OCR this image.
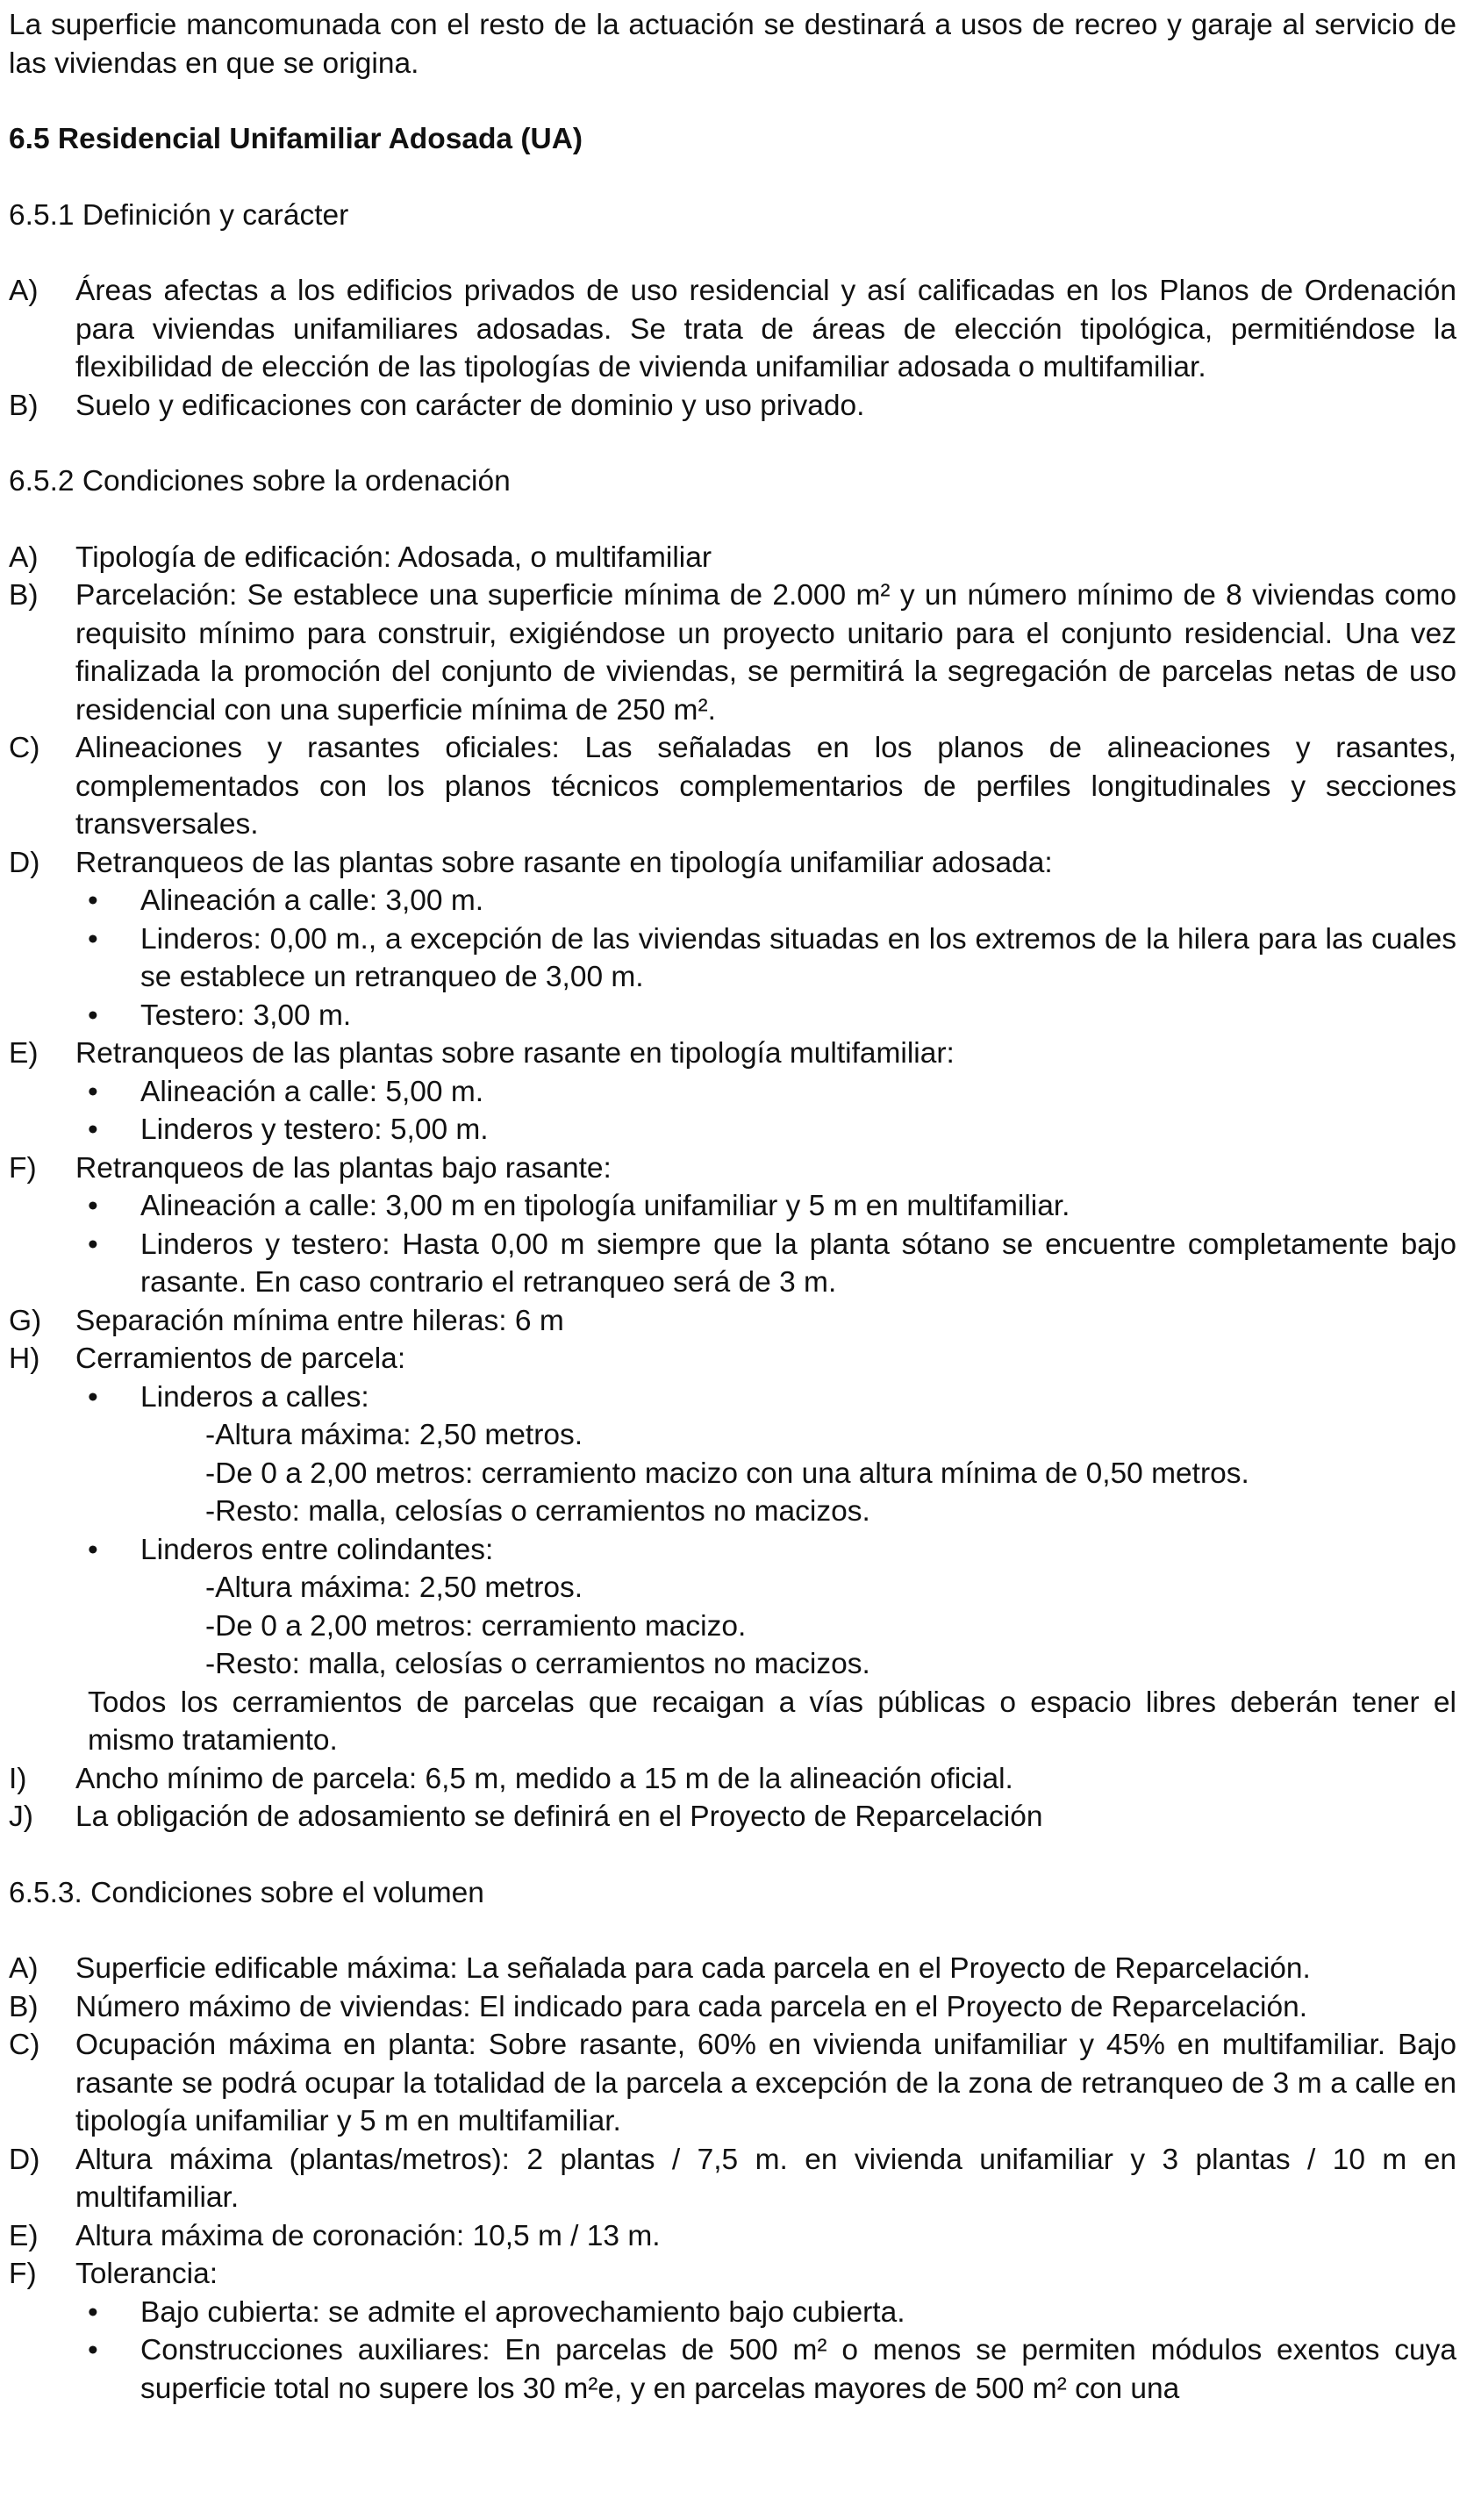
La superficie mancomunada con el resto de la actuación se destinará a usos de recreo y garaje al servicio de las viviendas en que se origina.

6.5 Residencial Unifamiliar Adosada (UA)

6.5.1 Definición y carácter

A)	Áreas afectas a los edificios privados de uso residencial y así calificadas en los Planos de Ordenación para viviendas unifamiliares adosadas. Se trata de áreas de elección tipológica, permitiéndose la flexibilidad de elección de las tipologías de vivienda unifamiliar adosada o multifamiliar.
B)	Suelo y edificaciones con carácter de dominio y uso privado.

6.5.2 Condiciones sobre la ordenación

A)	Tipología de edificación: Adosada, o multifamiliar
B)	Parcelación: Se establece una superficie mínima de 2.000 m² y un número mínimo de 8 viviendas como requisito mínimo para construir, exigiéndose un proyecto unitario para el conjunto residencial. Una vez finalizada la promoción del conjunto de viviendas, se permitirá la segregación de parcelas netas de uso residencial con una superficie mínima de 250 m².
C)	Alineaciones y rasantes oficiales: Las señaladas en los planos de alineaciones y rasantes, complementados con los planos técnicos complementarios de perfiles longitudinales y secciones transversales.
D)	Retranqueos de las plantas sobre rasante en tipología unifamiliar adosada:
•	Alineación a calle: 3,00 m.
•	Linderos: 0,00 m., a excepción de las viviendas situadas en los extremos de la hilera para las cuales se establece un retranqueo de 3,00 m.
•	Testero: 3,00 m.
E)	Retranqueos de las plantas sobre rasante en tipología multifamiliar:
•	Alineación a calle: 5,00 m.
•	Linderos y testero: 5,00 m.
F)	Retranqueos de las plantas bajo rasante:
•	Alineación a calle: 3,00 m en tipología unifamiliar y 5 m en multifamiliar.
•	Linderos y testero: Hasta 0,00 m siempre que la planta sótano se encuentre completamente bajo rasante. En caso contrario el retranqueo será de 3 m.
G)	Separación mínima entre hileras: 6 m
H)	Cerramientos de parcela:
•	Linderos a calles:
-Altura máxima: 2,50 metros.
-De 0 a 2,00 metros: cerramiento macizo con una altura mínima de 0,50 metros.
-Resto: malla, celosías o cerramientos no macizos.
•	Linderos entre colindantes:
-Altura máxima: 2,50 metros.
-De 0 a 2,00 metros: cerramiento macizo.
-Resto: malla, celosías o cerramientos no macizos.
Todos los cerramientos de parcelas que recaigan a vías públicas o espacio libres deberán tener el mismo tratamiento.
I)	Ancho mínimo de parcela: 6,5 m, medido a 15 m de la alineación oficial.
J)	La obligación de adosamiento se definirá en el Proyecto de Reparcelación

6.5.3. Condiciones sobre el volumen

A)	Superficie edificable máxima: La señalada para cada parcela en el Proyecto de Reparcelación.
B)	Número máximo de viviendas: El indicado para cada parcela en el Proyecto de Reparcelación.
C)	Ocupación máxima en planta: Sobre rasante, 60% en vivienda unifamiliar y 45% en multifamiliar. Bajo rasante se podrá ocupar la totalidad de la parcela a excepción de la zona de retranqueo de 3 m a calle en tipología unifamiliar y 5 m en multifamiliar.
D)	Altura máxima (plantas/metros): 2 plantas / 7,5 m. en vivienda unifamiliar y 3 plantas / 10 m en multifamiliar.
E)	Altura máxima de coronación: 10,5 m / 13 m.
F)	Tolerancia:
•	Bajo cubierta: se admite el aprovechamiento bajo cubierta.
•	Construcciones auxiliares: En parcelas de 500 m² o menos se permiten módulos exentos cuya superficie total no supere los 30 m²e, y en parcelas mayores de 500 m² con una
